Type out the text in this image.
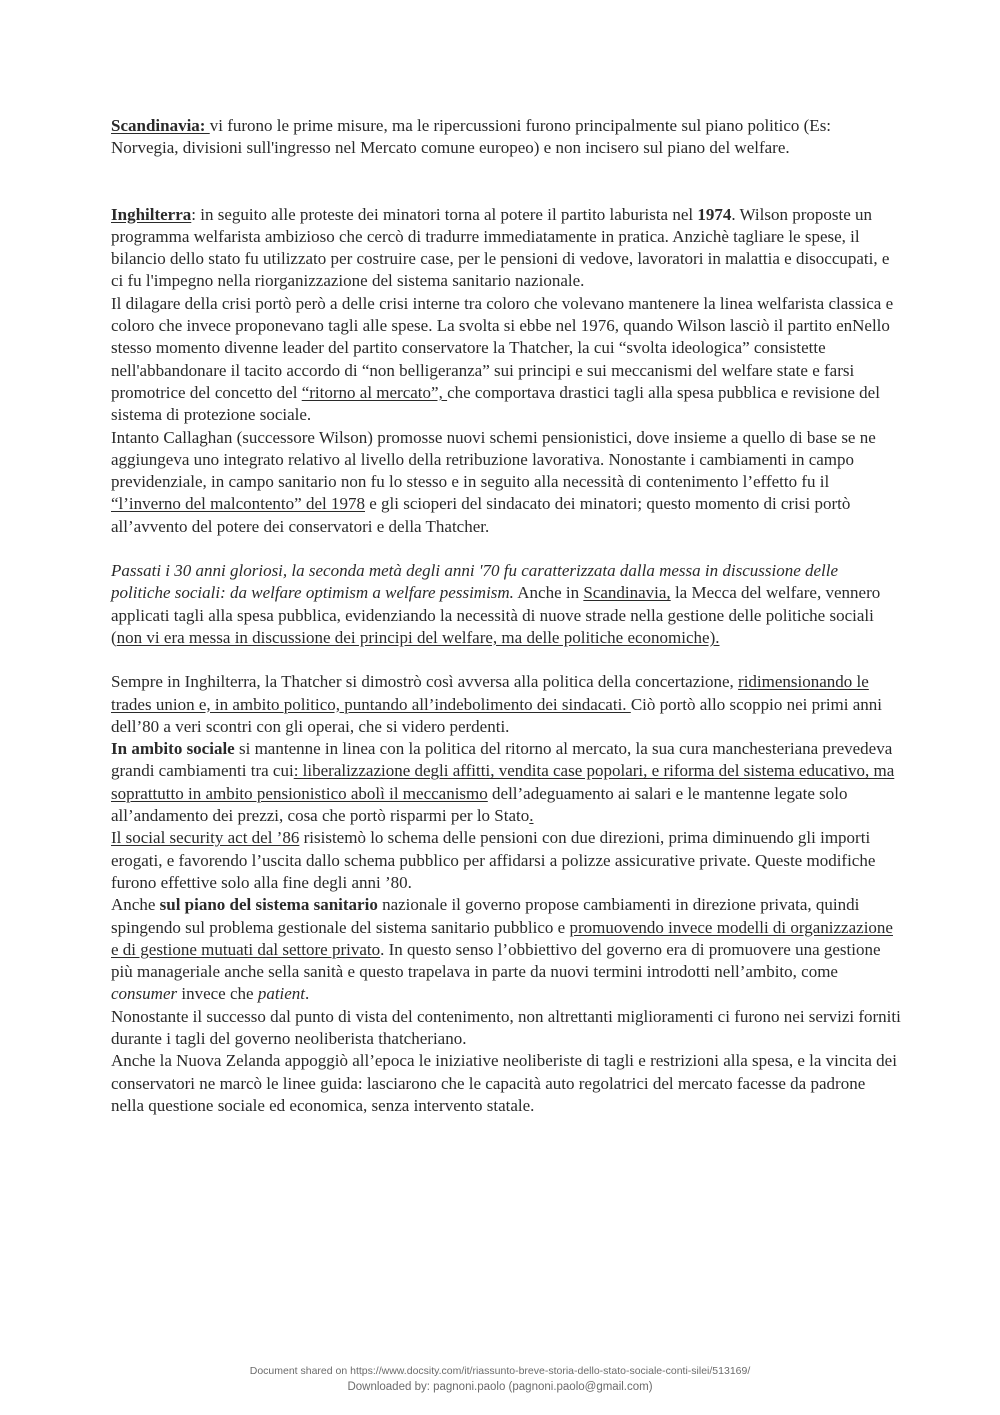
Scandinavia: vi furono le prime misure, ma le ripercussioni furono principalmente sul piano politico (Es: Norvegia, divisioni sull'ingresso nel Mercato comune europeo) e non incisero sul piano del welfare.

Inghilterra: in seguito alle proteste dei minatori torna al potere il partito laburista nel 1974. Wilson proposte un programma welfarista ambizioso che cercò di tradurre immediatamente in pratica. Anzichè tagliare le spese, il bilancio dello stato fu utilizzato per costruire case, per le pensioni di vedove, lavoratori in malattia e disoccupati, e ci fu l'impegno nella riorganizzazione del sistema sanitario nazionale.

Il dilagare della crisi portò però a delle crisi interne tra coloro che volevano mantenere la linea welfarista classica e coloro che invece proponevano tagli alle spese. La svolta si ebbe nel 1976, quando Wilson lasciò il partito enNello stesso momento divenne leader del partito conservatore la Thatcher, la cui “svolta ideologica” consistette nell'abbandonare il tacito accordo di “non belligeranza” sui principi e sui meccanismi del welfare state e farsi promotrice del concetto del “ritorno al mercato”, che comportava drastici tagli alla spesa pubblica e revisione del sistema di protezione sociale.

Intanto Callaghan (successore Wilson) promosse nuovi schemi pensionistici, dove insieme a quello di base se ne aggiungeva uno integrato relativo al livello della retribuzione lavorativa. Nonostante i cambiamenti in campo previdenziale, in campo sanitario non fu lo stesso e in seguito alla necessità di contenimento l’effetto fu il “l’inverno del malcontento” del 1978 e gli scioperi del sindacato dei minatori; questo momento di crisi portò all’avvento del potere dei conservatori e della Thatcher.

Passati i 30 anni gloriosi, la seconda metà degli anni '70 fu caratterizzata dalla messa in discussione delle politiche sociali: da welfare optimism a welfare pessimism. Anche in Scandinavia, la Mecca del welfare, vennero applicati tagli alla spesa pubblica, evidenziando la necessità di nuove strade nella gestione delle politiche sociali (non vi era messa in discussione dei principi del welfare, ma delle politiche economiche).

Sempre in Inghilterra, la Thatcher si dimostrò così avversa alla politica della concertazione, ridimensionando le trades union e, in ambito politico, puntando all’indebolimento dei sindacati. Ciò portò allo scoppio nei primi anni dell’80 a veri scontri con gli operai, che si videro perdenti.

In ambito sociale si mantenne in linea con la politica del ritorno al mercato, la sua cura manchesteriana prevedeva grandi cambiamenti tra cui: liberalizzazione degli affitti, vendita case popolari, e riforma del sistema educativo, ma soprattutto in ambito pensionistico abolì il meccanismo dell’adeguamento ai salari e le mantenne legate solo all’andamento dei prezzi, cosa che portò risparmi per lo Stato.

Il social security act del ’86 risistemò lo schema delle pensioni con due direzioni, prima diminuendo gli importi erogati, e favorendo l’uscita dallo schema pubblico per affidarsi a polizze assicurative private. Queste modifiche furono effettive solo alla fine degli anni ’80.

Anche sul piano del sistema sanitario nazionale il governo propose cambiamenti in direzione privata, quindi spingendo sul problema gestionale del sistema sanitario pubblico e promuovendo invece modelli di organizzazione e di gestione mutuati dal settore privato. In questo senso l’obbiettivo del governo era di promuovere una gestione più manageriale anche sella sanità e questo trapelava in parte da nuovi termini introdotti nell’ambito, come consumer invece che patient.

Nonostante il successo dal punto di vista del contenimento, non altrettanti miglioramenti ci furono nei servizi forniti durante i tagli del governo neoliberista thatcheriano.

Anche la Nuova Zelanda appoggiò all’epoca le iniziative neoliberiste di tagli e restrizioni alla spesa, e la vincita dei conservatori ne marcò le linee guida: lasciarono che le capacità auto regolatrici del mercato facesse da padrone nella questione sociale ed economica, senza intervento statale.

Document shared on https://www.docsity.com/it/riassunto-breve-storia-dello-stato-sociale-conti-silei/513169/
Downloaded by: pagnoni.paolo (pagnoni.paolo@gmail.com)
